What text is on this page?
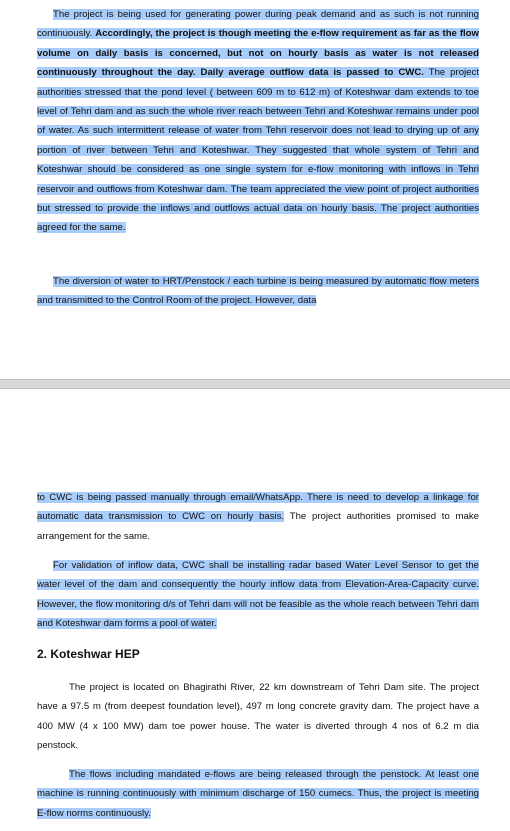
The project is being used for generating power during peak demand and as such is not running continuously. Accordingly, the project is though meeting the e-flow requirement as far as the flow volume on daily basis is concerned, but not on hourly basis as water is not released continuously throughout the day. Daily average outflow data is passed to CWC. The project authorities stressed that the pond level ( between 609 m to 612 m) of Koteshwar dam extends to toe level of Tehri dam and as such the whole river reach between Tehri and Koteshwar remains under pool of water. As such intermittent release of water from Tehri reservoir does not lead to drying up of any portion of river between Tehri and Koteshwar. They suggested that whole system of Tehri and Koteshwar should be considered as one single system for e-flow monitoring with inflows in Tehri reservoir and outflows from Koteshwar dam. The team appreciated the view point of project authorities but stressed to provide the inflows and outflows actual data on hourly basis. The project authorities agreed for the same.

The diversion of water to HRT/Penstock / each turbine is being measured by automatic flow meters and transmitted to the Control Room of the project. However, data

to CWC is being passed manually through email/WhatsApp. There is need to develop a linkage for automatic data transmission to CWC on hourly basis. The project authorities promised to make arrangement for the same.

For validation of inflow data, CWC shall be installing radar based Water Level Sensor to get the water level of the dam and consequently the hourly inflow data from Elevation-Area-Capacity curve. However, the flow monitoring d/s of Tehri dam will not be feasible as the whole reach between Tehri dam and Koteshwar dam forms a pool of water.

2. Koteshwar HEP

The project is located on Bhagirathi River, 22 km downstream of Tehri Dam site. The project have a 97.5 m (from deepest foundation level), 497 m long concrete gravity dam. The project have a 400 MW (4 x 100 MW) dam toe power house. The water is diverted through 4 nos of 6.2 m dia penstock.

The flows including mandated e-flows are being released through the penstock. At least one machine is running continuously with minimum discharge of 150 cumecs. Thus, the project is meeting E-flow norms continuously.
